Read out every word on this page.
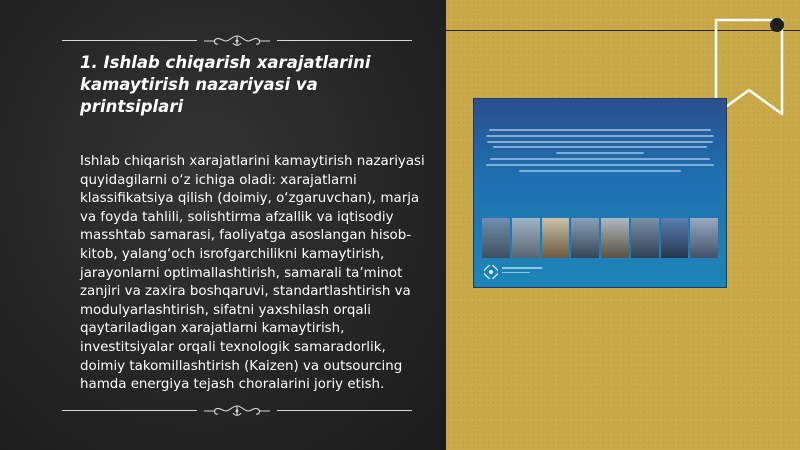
1. Ishlab chiqarish xarajatlarini kamaytirish nazariyasi va printsiplari

Ishlab chiqarish xarajatlarini kamaytirish nazariyasi quyidagilarni o‘z ichiga oladi: xarajatlarni klassifikatsiya qilish (doimiy, o‘zgaruvchan), marja va foyda tahlili, solishtirma afzallik va iqtisodiy masshtab samarasi, faoliyatga asoslangan hisob-kitob, yalang‘och isrofgarchilikni kamaytirish, jarayonlarni optimallashtirish, samarali ta’minot zanjiri va zaxira boshqaruvi, standartlashtirish va modulyarlashtirish, sifatni yaxshilash orqali qaytariladigan xarajatlarni kamaytirish, investitsiyalar orqali texnologik samaradorlik, doimiy takomillashtirish (Kaizen) va outsourcing hamda energiya tejash choralarini joriy etish.
